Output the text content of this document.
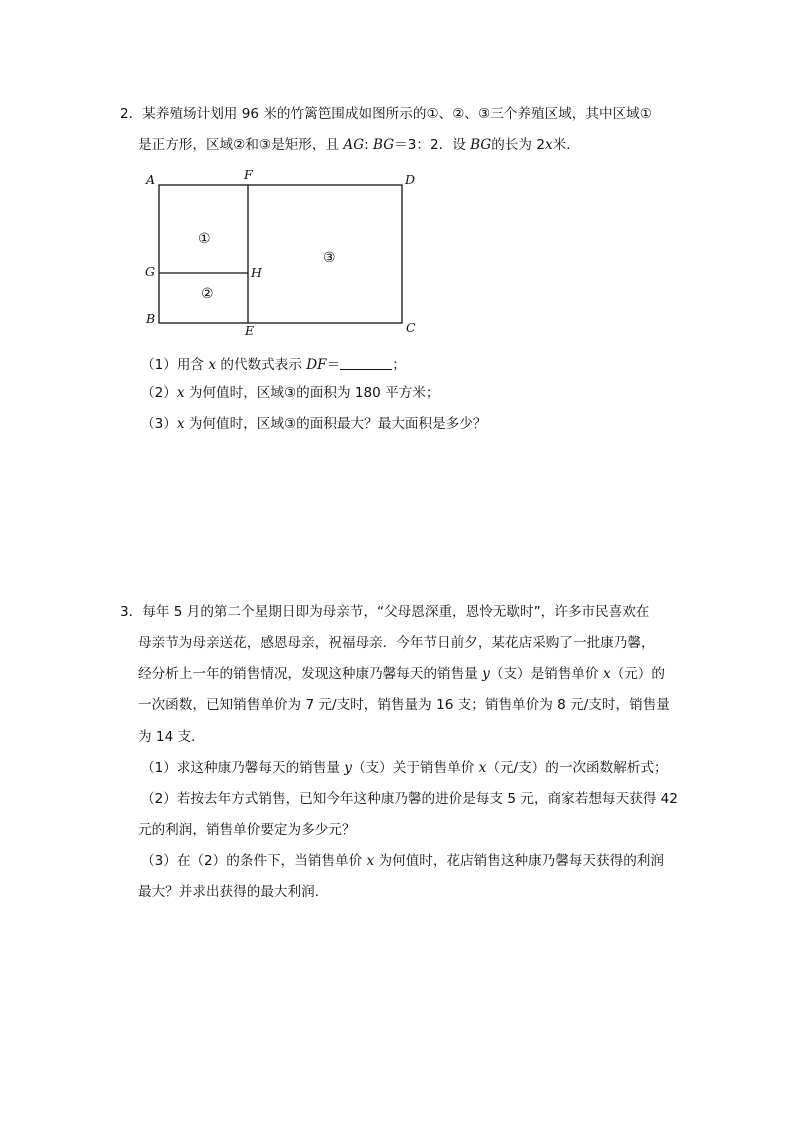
2．某养殖场计划用 96 米的竹篱笆围成如图所示的①、②、③三个养殖区域，其中区域①
是正方形，区域②和③是矩形，且 AG: BG＝3：2．设 BG的长为 2x米．
A	F	D
G	H
B
E	C
①
②
③
（1）用含 x 的代数式表示 DF＝	；
（2）x 为何值时，区域③的面积为 180 平方米；
（3）x 为何值时，区域③的面积最大？最大面积是多少？
3．每年 5 月的第二个星期日即为母亲节，“父母恩深重，恩怜无歇时”，许多市民喜欢在
母亲节为母亲送花，感恩母亲，祝福母亲．今年节日前夕，某花店采购了一批康乃馨，
经分析上一年的销售情况，发现这种康乃馨每天的销售量 y（支）是销售单价 x（元）的
一次函数，已知销售单价为 7 元/支时，销售量为 16 支；销售单价为 8 元/支时，销售量
为 14 支．
（1）求这种康乃馨每天的销售量 y（支）关于销售单价 x（元/支）的一次函数解析式；
（2）若按去年方式销售，已知今年这种康乃馨的进价是每支 5 元，商家若想每天获得 42
元的利润，销售单价要定为多少元？
（3）在（2）的条件下，当销售单价 x 为何值时，花店销售这种康乃馨每天获得的利润
最大？并求出获得的最大利润．
